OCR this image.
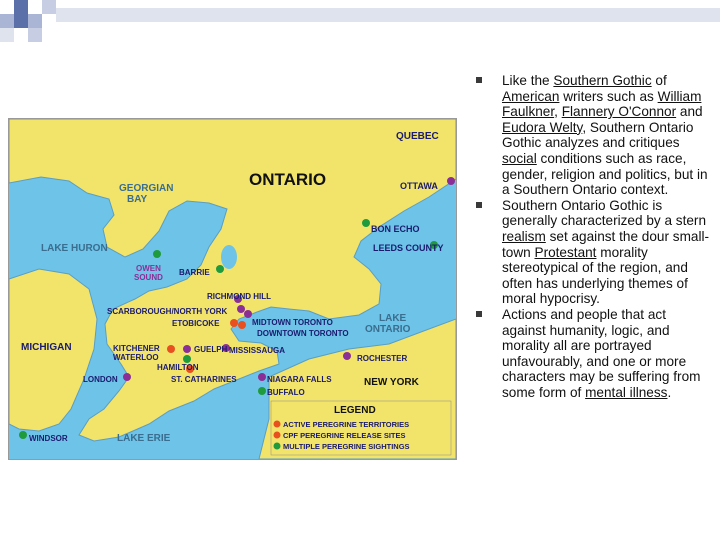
QUEBEC
ONTARIO	OTTAWA
GEORGIAN BAY
BON ECHO
LEEDS COUNTY
LAKE HURON
OWEN SOUND
BARRIE
RICHMOND HILL
SCARBOROUGH/NORTH YORK
ETOBICOKE	MIDTOWN TORONTO
DOWNTOWN TORONTO
LAKE ONTARIO
MICHIGAN	KITCHENER WATERLOO
GUELPH MISSISSAUGA
HAMILTON
ROCHESTER
LONDON	ST. CATHARINES	NIAGARA FALLS	NEW YORK
BUFFALO
WINDSOR	LAKE ERIE
LEGEND
ACTIVE PEREGRINE TERRITORIES
CPF PEREGRINE RELEASE SITES
MULTIPLE PEREGRINE SIGHTINGS
Like the Southern Gothic of American writers such as William Faulkner, Flannery O'Connor and Eudora Welty, Southern Ontario Gothic analyzes and critiques social conditions such as race, gender, religion and politics, but in a Southern Ontario context.
Southern Ontario Gothic is generally characterized by a stern realism set against the dour small-town Protestant morality stereotypical of the region, and often has underlying themes of moral hypocrisy.
Actions and people that act against humanity, logic, and morality all are portrayed unfavourably, and one or more characters may be suffering from some form of mental illness.
